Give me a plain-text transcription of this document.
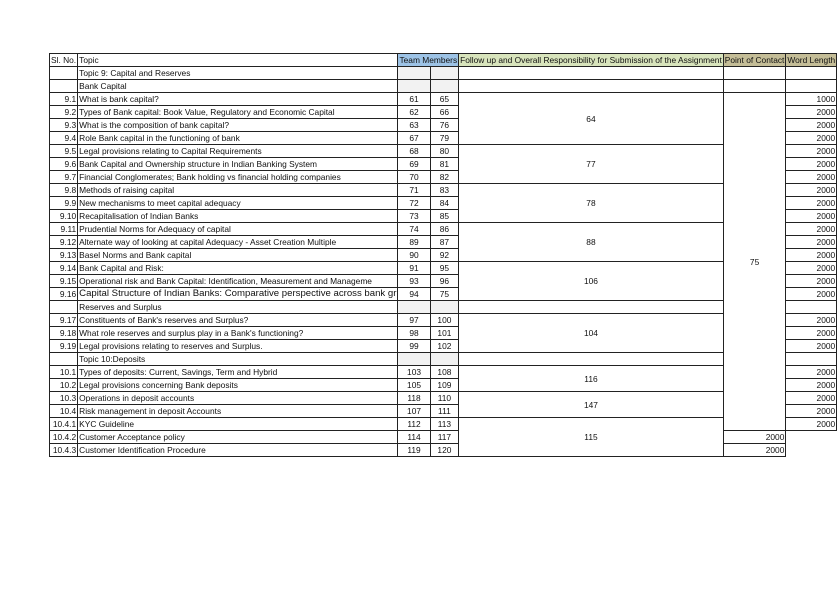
Sl. No.	Topic	Team Members		Follow up and Overall Responsibility for Submission of the Assignment	Point of Contact	Word Length
	Topic 9: Capital and Reserves					
	Bank Capital					
9.1	What is bank capital?	61	65	64	75	1000
9.2	Types of Bank capital: Book Value, Regulatory and Economic Capital	62	66			2000
9.3	What is the composition of bank capital?	63	76			2000
9.4	Role Bank capital in the functioning of bank	67	79			2000
9.5	Legal provisions relating to Capital Requirements	68	80	77		2000
9.6	Bank Capital and Ownership structure in Indian Banking System	69	81			2000
9.7	Financial Conglomerates; Bank holding vs financial holding companies	70	82			2000
9.8	Methods of raising capital	71	83	78		2000
9.9	New mechanisms to meet capital adequacy	72	84			2000
9.10	Recapitalisation of Indian Banks	73	85			2000
9.11	Prudential Norms for Adequacy of capital	74	86	88		2000
9.12	Alternate way of looking at capital Adequacy - Asset Creation Multiple	89	87			2000
9.13	Basel Norms and Bank capital	90	92			2000
9.14	Bank Capital and Risk:	91	95	106		2000
9.15	Operational risk and Bank Capital: Identification, Measurement and Manageme	93	96			2000
9.16	Capital Structure of Indian Banks: Comparative perspective across bank gr	94	75			2000
	Reserves and Surplus					
9.17	Constituents of Bank's reserves and Surplus?	97	100	104		2000
9.18	What role reserves and surplus play in a Bank's functioning?	98	101			2000
9.19	Legal provisions relating to reserves and Surplus.	99	102			2000
	Topic 10:Deposits					
10.1	Types of deposits: Current, Savings, Term and Hybrid	103	108	116		2000
10.2	Legal provisions concerning Bank deposits	105	109			2000
10.3	Operations in deposit accounts	118	110	147		2000
10.4	Risk management in deposit Accounts	107	111			2000
10.4.1	KYC Guideline	112	113	115		2000
10.4.2	Customer Acceptance policy	114	117		2000	
10.4.3	Customer Identification Procedure	119	120		2000	
